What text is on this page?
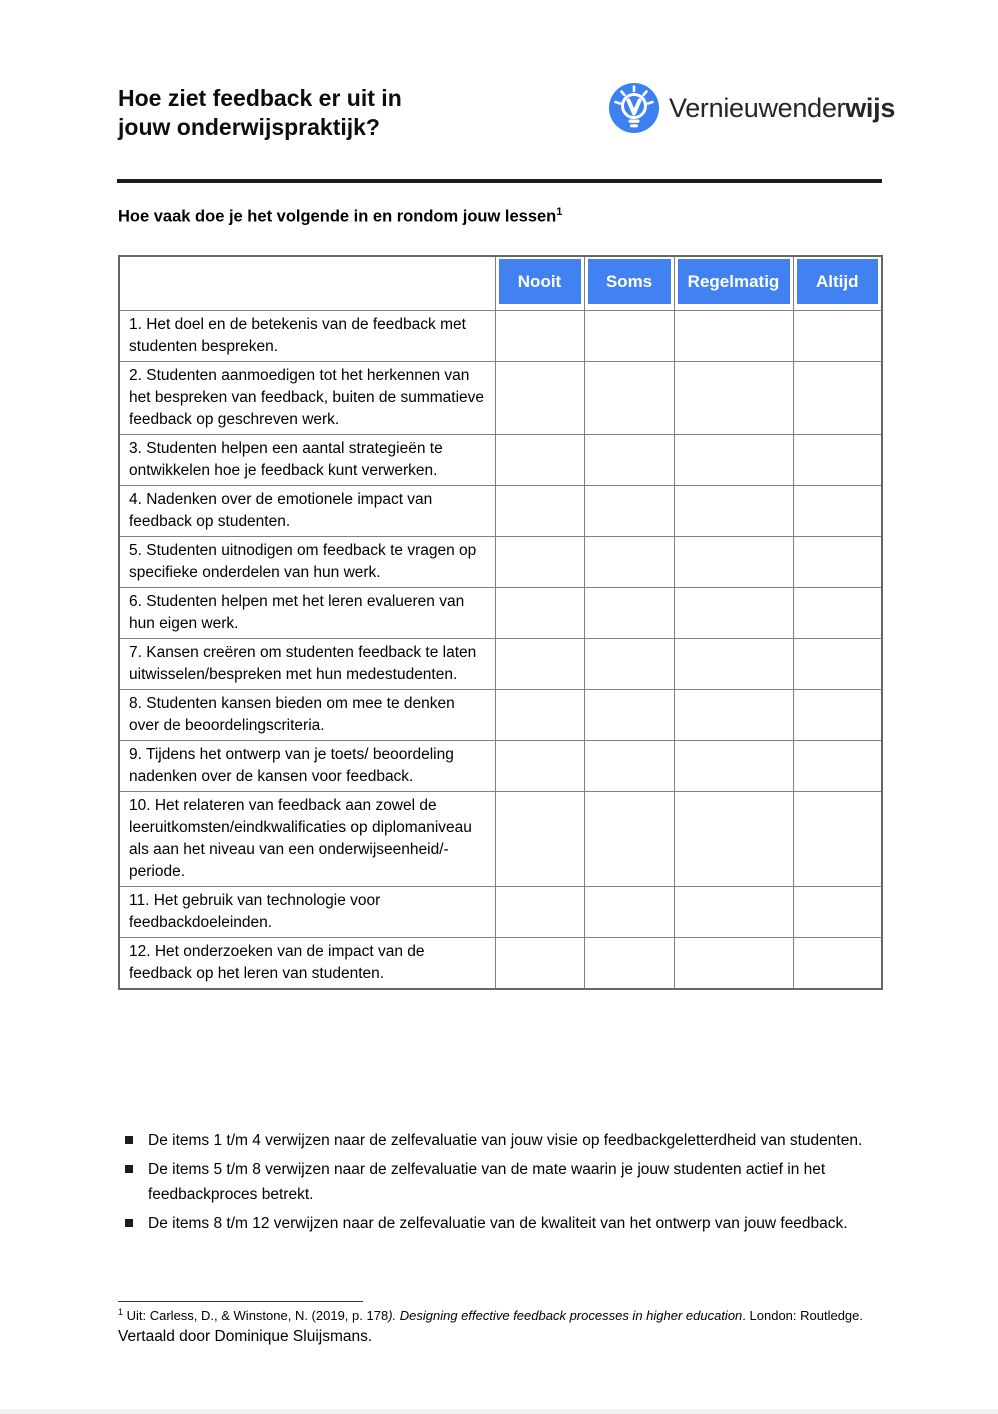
Hoe ziet feedback er uit in
jouw onderwijspraktijk?
Vernieuwenderwijs
Hoe vaak doe je het volgende in en rondom jouw lessen$^1$

	Nooit	Soms	Regelmatig	Altijd

1. Het doel en de betekenis van de feedback met studenten bespreken.				
2. Studenten aanmoedigen tot het herkennen van het bespreken van feedback, buiten de summatieve feedback op geschreven werk.				
3. Studenten helpen een aantal strategieën te ontwikkelen hoe je feedback kunt verwerken.				
4. Nadenken over de emotionele impact van feedback op studenten.				
5. Studenten uitnodigen om feedback te vragen op specifieke onderdelen van hun werk.				
6. Studenten helpen met het leren evalueren van hun eigen werk.				
7. Kansen creëren om studenten feedback te laten uitwisselen/bespreken met hun medestudenten.				
8. Studenten kansen bieden om mee te denken over de beoordelingscriteria.				
9. Tijdens het ontwerp van je toets/ beoordeling nadenken over de kansen voor feedback.				
10. Het relateren van feedback aan zowel de leeruitkomsten/eindkwalificaties op diplomaniveau als aan het niveau van een onderwijseenheid/-periode.				
11. Het gebruik van technologie voor feedbackdoeleinden.				
12. Het onderzoeken van de impact van de feedback op het leren van studenten.				
De items 1 t/m 4 verwijzen naar de zelfevaluatie van jouw visie op feedbackgeletterdheid van studenten.
De items 5 t/m 8 verwijzen naar de zelfevaluatie van de mate waarin je jouw studenten actief in het feedbackproces betrekt.
De items 8 t/m 12 verwijzen naar de zelfevaluatie van de kwaliteit van het ontwerp van jouw feedback.
$^1$ Uit: Carless, D., & Winstone, N. (2019, p. 178). Designing effective feedback processes in higher education. London: Routledge. Vertaald door Dominique Sluijsmans.
